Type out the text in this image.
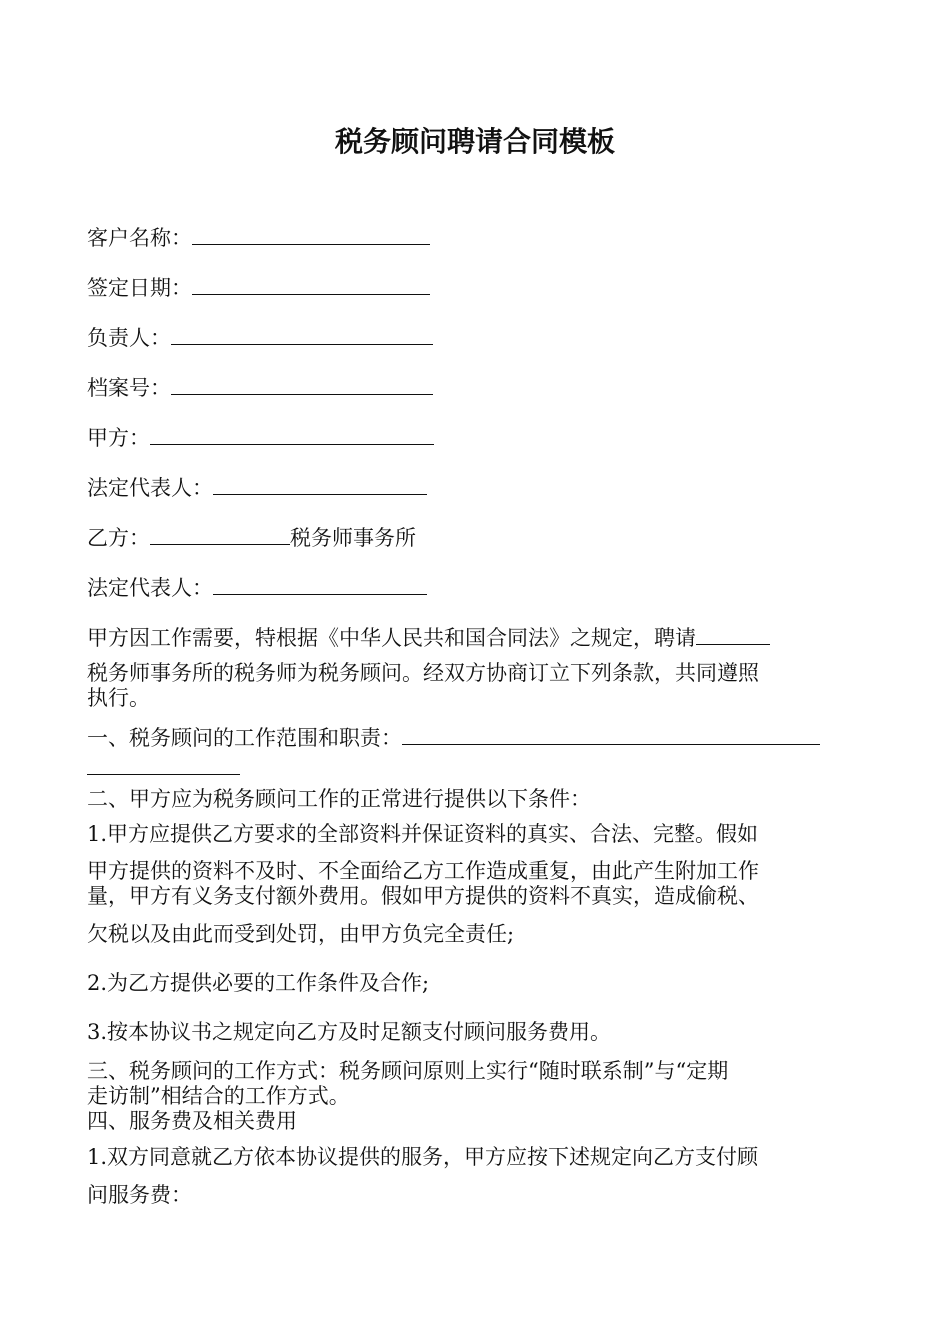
税务顾问聘请合同模板
客户名称：
签定日期：
负责人：
档案号：
甲方：
法定代表人：
乙方：	税务师事务所
法定代表人：
甲方因工作需要，特根据《中华人民共和国合同法》之规定，聘请
税务师事务所的税务师为税务顾问。经双方协商订立下列条款，共同遵照
执行。
一、税务顾问的工作范围和职责：
二、甲方应为税务顾问工作的正常进行提供以下条件：
1.甲方应提供乙方要求的全部资料并保证资料的真实、合法、完整。假如
甲方提供的资料不及时、不全面给乙方工作造成重复，由此产生附加工作
量，甲方有义务支付额外费用。假如甲方提供的资料不真实，造成偷税、
欠税以及由此而受到处罚，由甲方负完全责任;
2.为乙方提供必要的工作条件及合作;
3.按本协议书之规定向乙方及时足额支付顾问服务费用。
三、税务顾问的工作方式：税务顾问原则上实行“随时联系制”与“定期
走访制”相结合的工作方式。
四、服务费及相关费用
1.双方同意就乙方依本协议提供的服务，甲方应按下述规定向乙方支付顾
问服务费：
